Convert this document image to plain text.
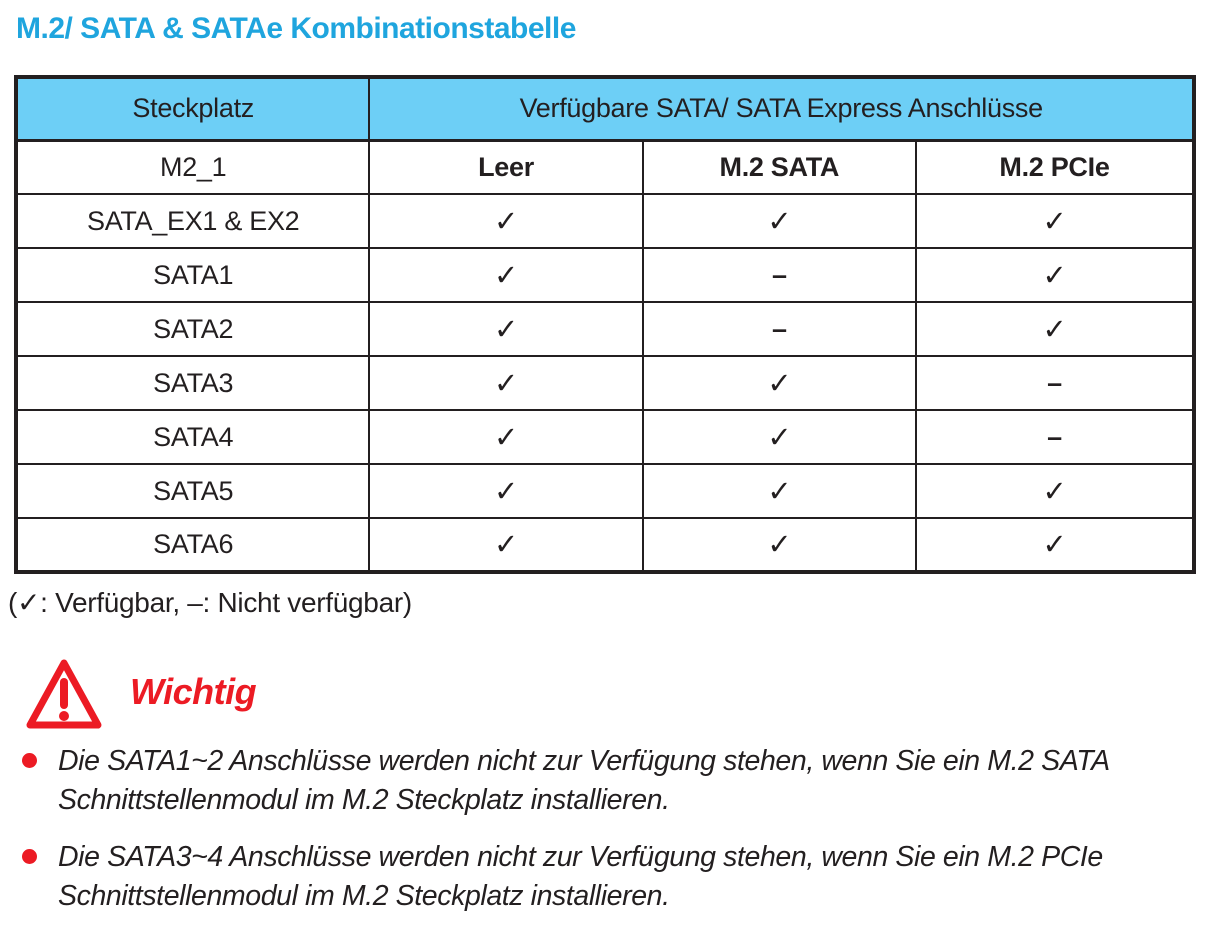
M.2/ SATA & SATAe Kombinationstabelle
Steckplatz	Verfügbare SATA/ SATA Express Anschlüsse		
M2_1	Leer	M.2 SATA	M.2 PCIe
SATA_EX1 & EX2	✓	✓	✓
SATA1	✓	–	✓
SATA2	✓	–	✓
SATA3	✓	✓	–
SATA4	✓	✓	–
SATA5	✓	✓	✓
SATA6	✓	✓	✓

(✓: Verfügbar, –: Nicht verfügbar)

Wichtig
Die SATA1~2 Anschlüsse werden nicht zur Verfügung stehen, wenn Sie ein M.2 SATA Schnittstellenmodul im M.2 Steckplatz installieren.
Die SATA3~4 Anschlüsse werden nicht zur Verfügung stehen, wenn Sie ein M.2 PCIe Schnittstellenmodul im M.2 Steckplatz installieren.
